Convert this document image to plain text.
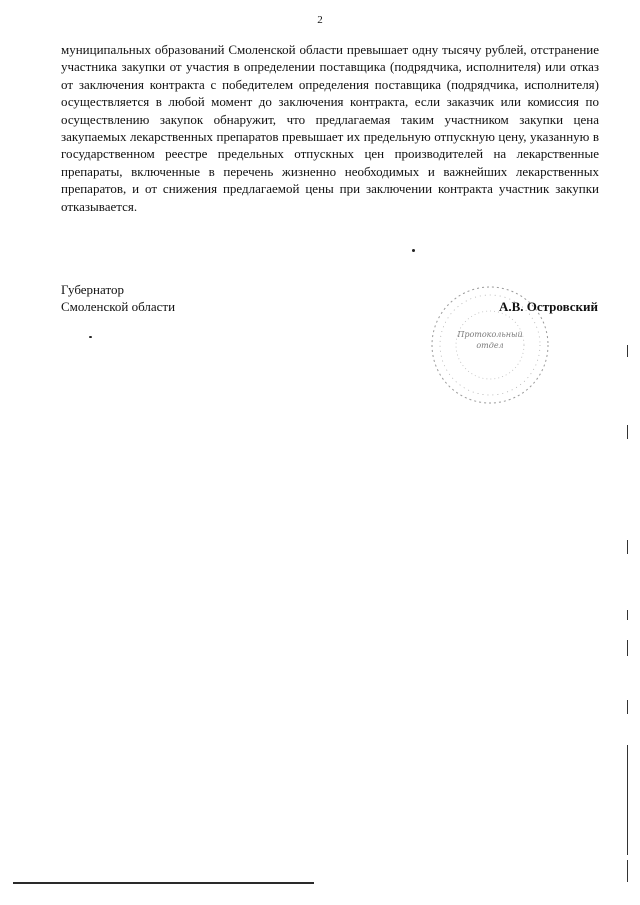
2

муниципальных образований Смоленской области превышает одну тысячу рублей, отстранение участника закупки от участия в определении поставщика (подрядчика, исполнителя) или отказ от заключения контракта с победителем определения поставщика (подрядчика, исполнителя) осуществляется в любой момент до заключения контракта, если заказчик или комиссия по осуществлению закупок обнаружит, что предлагаемая таким участником закупки цена закупаемых лекарственных препаратов превышает их предельную отпускную цену, указанную в государственном реестре предельных отпускных цен производителей на лекарственные препараты, включенные в перечень жизненно необходимых и важнейших лекарственных препаратов, и от снижения предлагаемой цены при заключении контракта участник закупки отказывается.

Губернатор
Смоленской области
Протокольный
отдел
А.В. Островский
